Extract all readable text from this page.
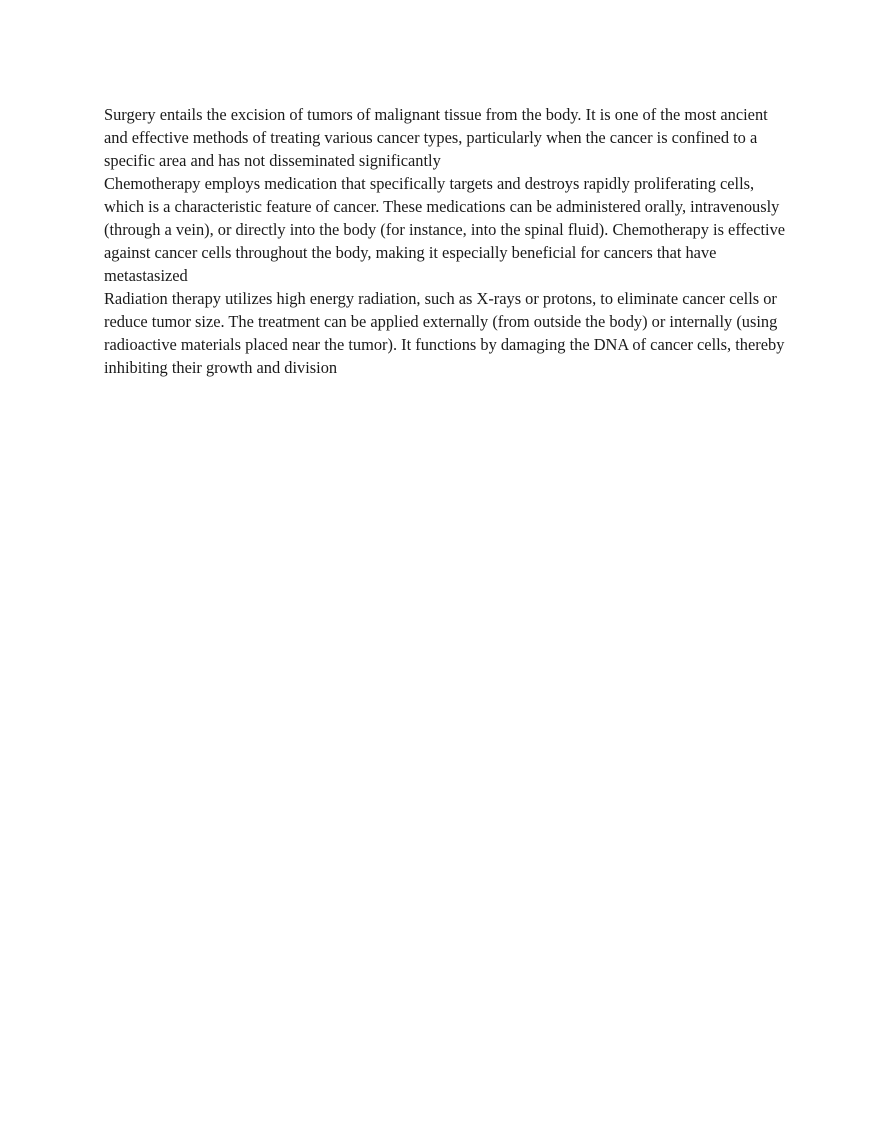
Surgery entails the excision of tumors of malignant tissue from the body. It is one of the most ancient and effective methods of treating various cancer types, particularly when the cancer is confined to a specific area and has not disseminated significantly

Chemotherapy employs medication that specifically targets and destroys rapidly proliferating cells, which is a characteristic feature of cancer. These medications can be administered orally, intravenously (through a vein), or directly into the body (for instance, into the spinal fluid). Chemotherapy is effective against cancer cells throughout the body, making it especially beneficial for cancers that have metastasized

Radiation therapy utilizes high energy radiation, such as X-rays or protons, to eliminate cancer cells or reduce tumor size. The treatment can be applied externally (from outside the body) or internally (using radioactive materials placed near the tumor). It functions by damaging the DNA of cancer cells, thereby inhibiting their growth and division
